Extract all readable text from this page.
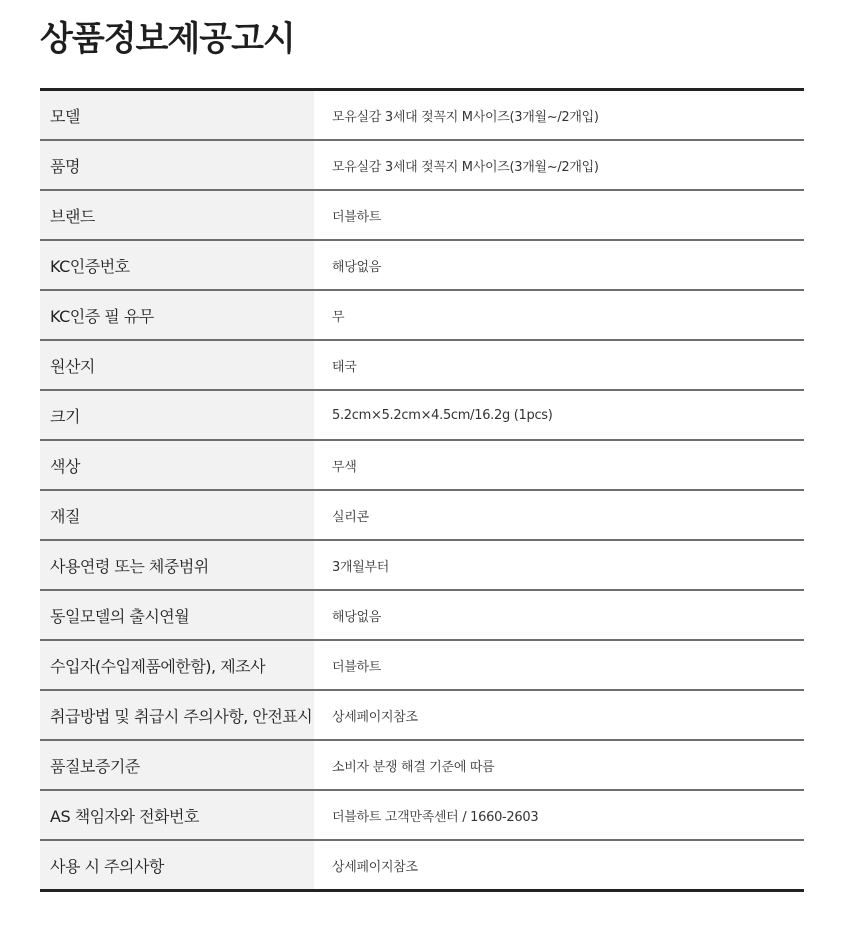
상품정보제공고시
모델	모유실감 3세대 젖꼭지 M사이즈(3개월~/2개입)
품명	모유실감 3세대 젖꼭지 M사이즈(3개월~/2개입)
브랜드	더블하트
KC인증번호	해당없음
KC인증 필 유무	무
원산지	태국
크기	5.2cm×5.2cm×4.5cm/16.2g (1pcs)
색상	무색
재질	실리콘
사용연령 또는 체중범위	3개월부터
동일모델의 출시연월	해당없음
수입자(수입제품에한함), 제조사	더블하트
취급방법 및 취급시 주의사항, 안전표시	상세페이지참조
품질보증기준	소비자 분쟁 해결 기준에 따름
AS 책임자와 전화번호	더블하트 고객만족센터 / 1660-2603
사용 시 주의사항	상세페이지참조
